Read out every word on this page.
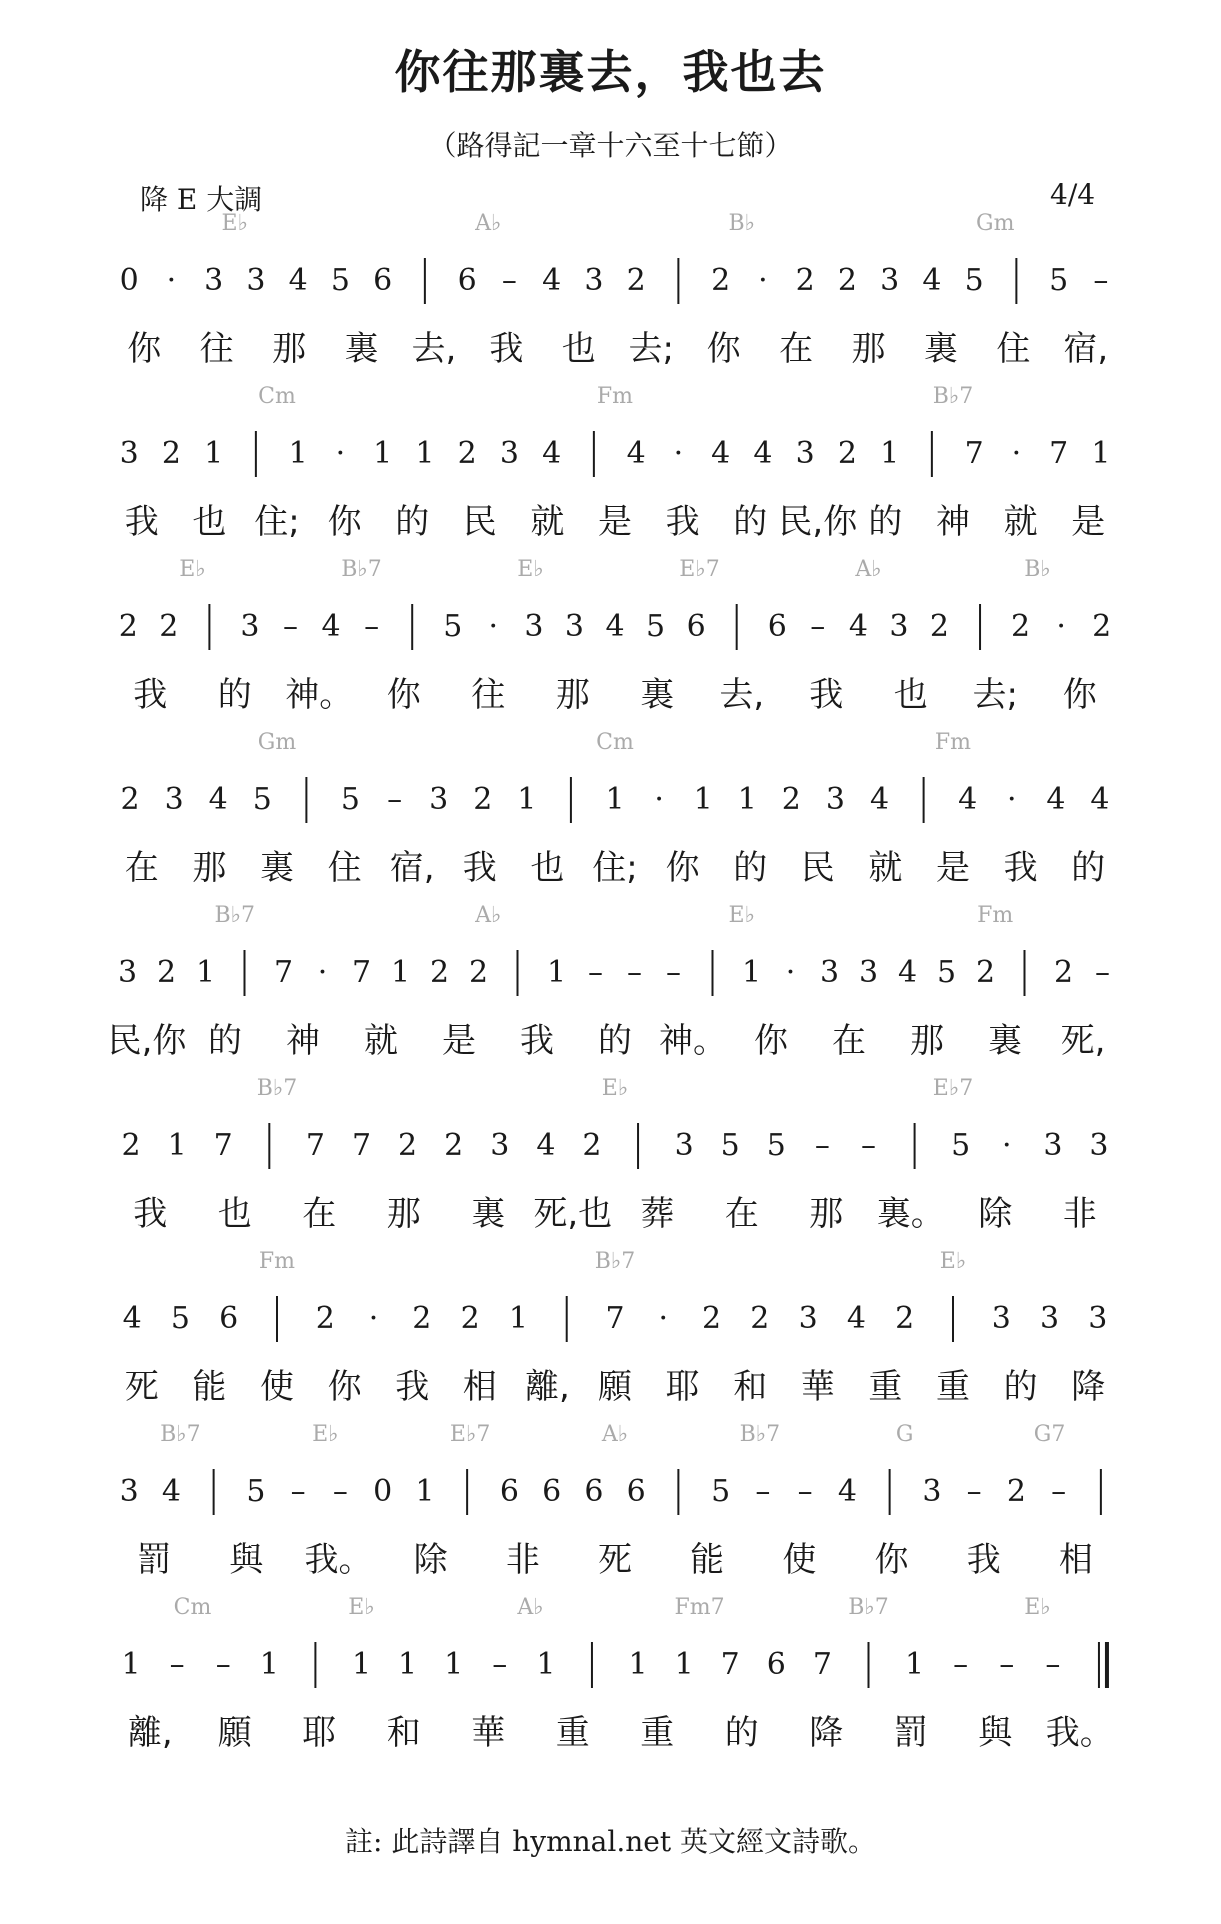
你往那裏去，我也去
（路得記一章十六至十七節）
降 E 大調	4/4
E♭	A♭	B♭	Gm
0 · 3 3 4 5 6 6 – 4 3 2 2 · 2 2 3 4 5 5 –
你 往 那 裏 去, 我 也 去; 你 在 那 裏 住 宿,
Cm	Fm	B♭7
3 2 1 1 · 1 1 2 3 4 4 · 4 4 3 2 1 7 · 7 1
我 也 住; 你 的 民 就 是 我 的 民,你 的 神 就 是
E♭	B♭7	E♭	E♭7	A♭	B♭
2 2 3 – 4 – 5 · 3 3 4 5 6 6 – 4 3 2 2 · 2
我 的 神。 你 往 那 裏 去, 我 也 去; 你
Gm	Cm	Fm
2 3 4 5 5 – 3 2 1 1 · 1 1 2 3 4 4 · 4 4
在 那 裏 住 宿, 我 也 住; 你 的 民 就 是 我 的
B♭7	A♭	E♭	Fm
3 2 1 7 · 7 1 2 2 1 – – – 1 · 3 3 4 5 2 2 –
民,你 的 神 就 是 我 的 神。 你 在 那 裏 死,
B♭7	E♭	E♭7
2 1 7 7 7 2 2 3 4 2 3 5 5 – –	5 · 3 3
我 也 在 那 裏 死,也 葬 在 那 裏。 除 非
Fm	B♭7	E♭
4 5 6	2 · 2 2 1	7 · 2 2 3 4 2	3 3 3
死 能 使 你 我 相 離, 願 耶 和 華 重 重 的 降
B♭7	E♭	E♭7	A♭	B♭7	G	G7
3 4 5 – – 0 1 6 6 6 6 5 – – 4 3 – 2 –
罰 與 我。 除 非 死 能 使 你 我 相
Cm	E♭	A♭	Fm7	B♭7	E♭
1 – – 1 1 1 1 – 1 1 1 7 6 7 1 – – –
離, 願 耶 和 華 重 重 的 降 罰 與 我。
註: 此詩譯自 hymnal.net 英文經文詩歌。
